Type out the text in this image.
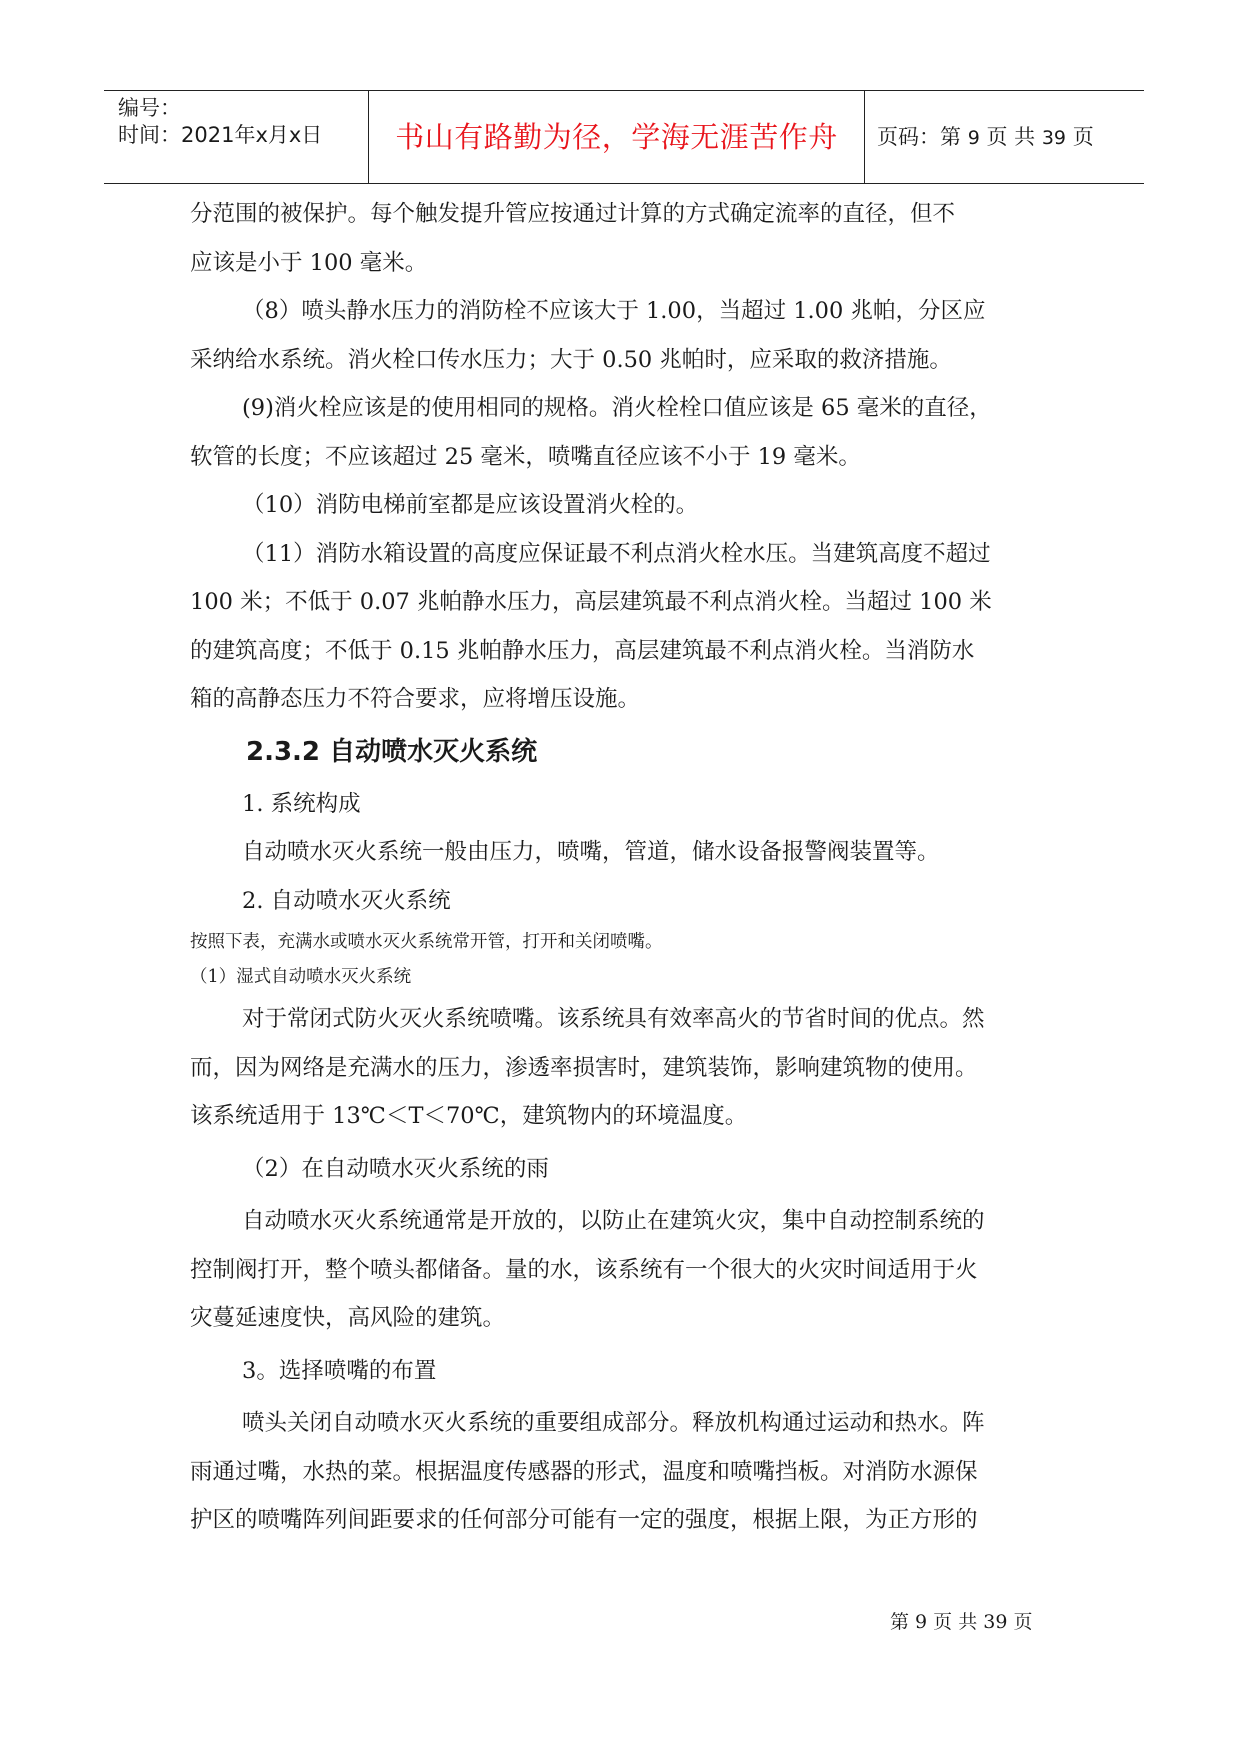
编号：
时间：2021年x月x日	书山有路勤为径，学海无涯苦作舟	页码：第 9 页 共 39 页

分范围的被保护。每个触发提升管应按通过计算的方式确定流率的直径，但不

应该是小于 100 毫米。

（8）喷头静水压力的消防栓不应该大于 1.00，当超过 1.00 兆帕，分区应

采纳给水系统。消火栓口传水压力；大于 0.50 兆帕时，应采取的救济措施。

(9)消火栓应该是的使用相同的规格。消火栓栓口值应该是 65 毫米的直径，

软管的长度；不应该超过 25 毫米，喷嘴直径应该不小于 19 毫米。

（10）消防电梯前室都是应该设置消火栓的。

（11）消防水箱设置的高度应保证最不利点消火栓水压。当建筑高度不超过

100 米；不低于 0.07 兆帕静水压力，高层建筑最不利点消火栓。当超过 100 米

的建筑高度；不低于 0.15 兆帕静水压力，高层建筑最不利点消火栓。当消防水

箱的高静态压力不符合要求，应将增压设施。

2.3.2 自动喷水灭火系统

1. 系统构成

自动喷水灭火系统一般由压力，喷嘴，管道，储水设备报警阀装置等。

2. 自动喷水灭火系统

按照下表，充满水或喷水灭火系统常开管，打开和关闭喷嘴。

（1）湿式自动喷水灭火系统

对于常闭式防火灭火系统喷嘴。该系统具有效率高火的节省时间的优点。然

而，因为网络是充满水的压力，渗透率损害时，建筑装饰，影响建筑物的使用。

该系统适用于 13℃＜T＜70℃，建筑物内的环境温度。

（2）在自动喷水灭火系统的雨

自动喷水灭火系统通常是开放的，以防止在建筑火灾，集中自动控制系统的

控制阀打开，整个喷头都储备。量的水，该系统有一个很大的火灾时间适用于火

灾蔓延速度快，高风险的建筑。

3。选择喷嘴的布置

喷头关闭自动喷水灭火系统的重要组成部分。释放机构通过运动和热水。阵

雨通过嘴，水热的菜。根据温度传感器的形式，温度和喷嘴挡板。对消防水源保

护区的喷嘴阵列间距要求的任何部分可能有一定的强度，根据上限，为正方形的

第 9 页 共 39 页
